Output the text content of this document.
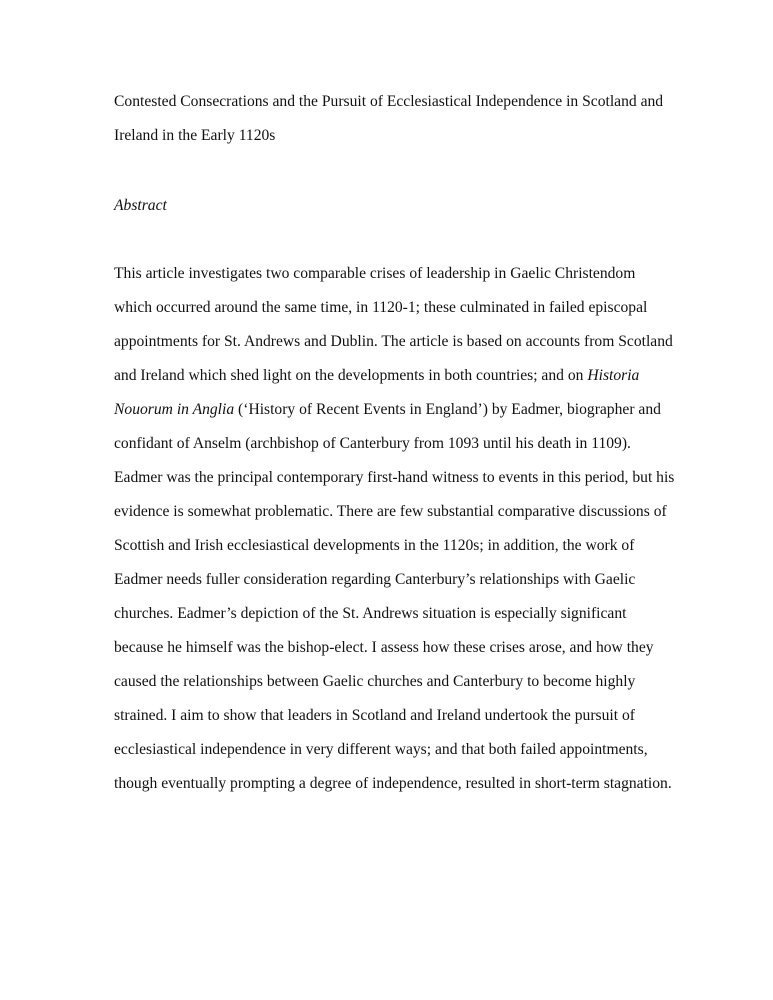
Contested Consecrations and the Pursuit of Ecclesiastical Independence in Scotland and
Ireland in the Early 1120s
Abstract
This article investigates two comparable crises of leadership in Gaelic Christendom
which occurred around the same time, in 1120-1; these culminated in failed episcopal
appointments for St. Andrews and Dublin. The article is based on accounts from Scotland
and Ireland which shed light on the developments in both countries; and on Historia
Nouorum in Anglia (‘History of Recent Events in England’) by Eadmer, biographer and
confidant of Anselm (archbishop of Canterbury from 1093 until his death in 1109).
Eadmer was the principal contemporary first-hand witness to events in this period, but his
evidence is somewhat problematic. There are few substantial comparative discussions of
Scottish and Irish ecclesiastical developments in the 1120s; in addition, the work of
Eadmer needs fuller consideration regarding Canterbury’s relationships with Gaelic
churches. Eadmer’s depiction of the St. Andrews situation is especially significant
because he himself was the bishop-elect. I assess how these crises arose, and how they
caused the relationships between Gaelic churches and Canterbury to become highly
strained. I aim to show that leaders in Scotland and Ireland undertook the pursuit of
ecclesiastical independence in very different ways; and that both failed appointments,
though eventually prompting a degree of independence, resulted in short-term stagnation.
